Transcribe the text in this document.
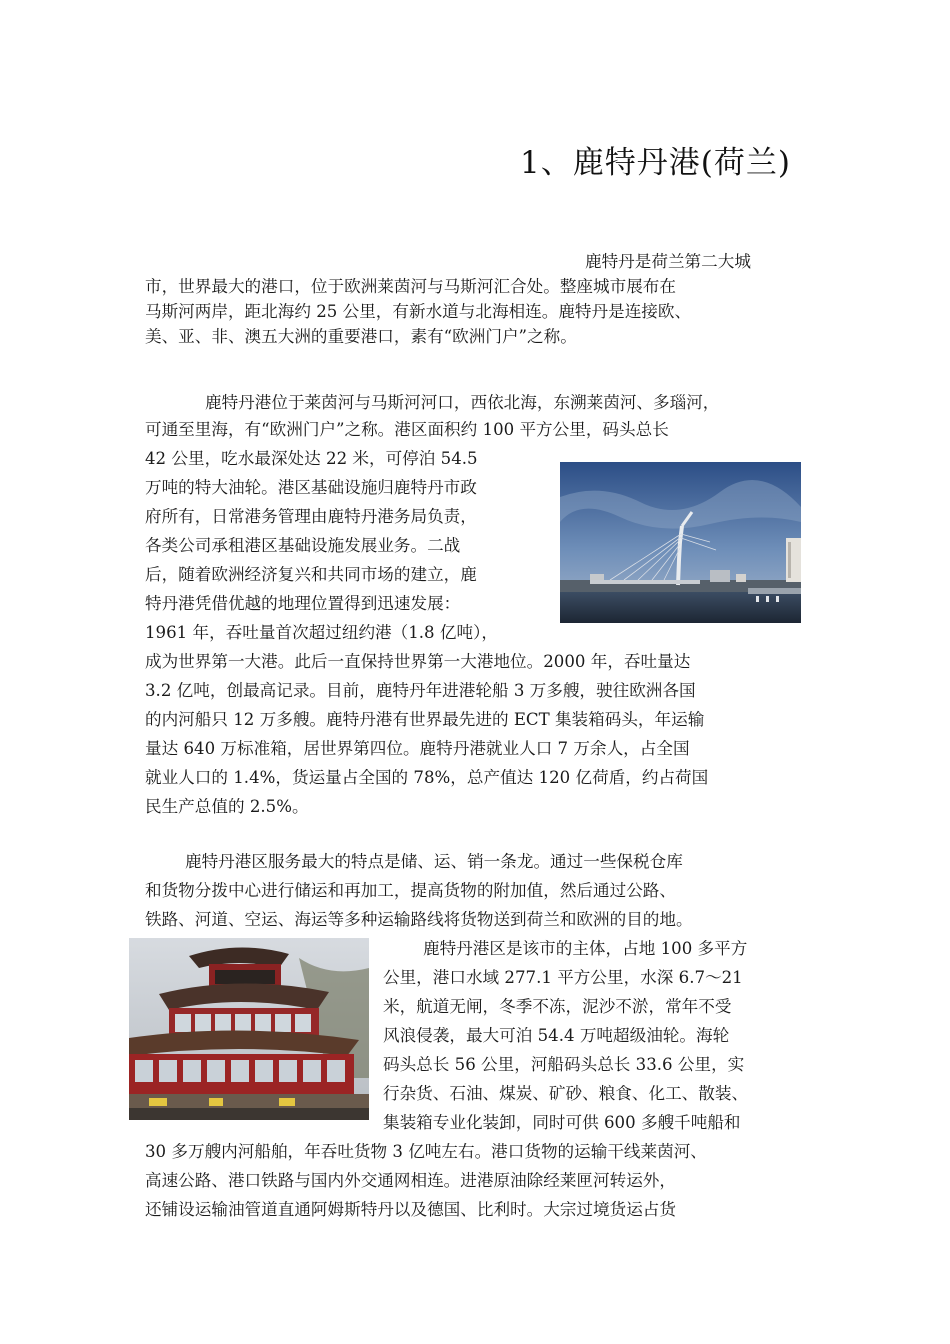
1、鹿特丹港(荷兰)
鹿特丹是荷兰第二大城
市，世界最大的港口，位于欧洲莱茵河与马斯河汇合处。整座城市展布在
马斯河两岸，距北海约 25 公里，有新水道与北海相连。鹿特丹是连接欧、
美、亚、非、澳五大洲的重要港口，素有“欧洲门户”之称。
鹿特丹港位于莱茵河与马斯河河口，西依北海，东溯莱茵河、多瑙河，
可通至里海，有“欧洲门户”之称。港区面积约 100 平方公里，码头总长
42 公里，吃水最深处达 22 米，可停泊 54.5
万吨的特大油轮。港区基础设施归鹿特丹市政
府所有，日常港务管理由鹿特丹港务局负责，
各类公司承租港区基础设施发展业务。二战
后，随着欧洲经济复兴和共同市场的建立，鹿
特丹港凭借优越的地理位置得到迅速发展：
1961 年，吞吐量首次超过纽约港（1.8 亿吨），
成为世界第一大港。此后一直保持世界第一大港地位。2000 年，吞吐量达
3.2 亿吨，创最高记录。目前，鹿特丹年进港轮船 3 万多艘，驶往欧洲各国
的内河船只 12 万多艘。鹿特丹港有世界最先进的 ECT 集装箱码头，年运输
量达 640 万标准箱，居世界第四位。鹿特丹港就业人口 7 万余人，占全国
就业人口的 1.4%，货运量占全国的 78%，总产值达 120 亿荷盾，约占荷国
民生产总值的 2.5%。
鹿特丹港区服务最大的特点是储、运、销一条龙。通过一些保税仓库
和货物分拨中心进行储运和再加工，提高货物的附加值，然后通过公路、
铁路、河道、空运、海运等多种运输路线将货物送到荷兰和欧洲的目的地。
鹿特丹港区是该市的主体，占地 100 多平方
公里，港口水域 277.1 平方公里，水深 6.7～21
米，航道无闸，冬季不冻，泥沙不淤，常年不受
风浪侵袭，最大可泊 54.4 万吨超级油轮。海轮
码头总长 56 公里，河船码头总长 33.6 公里，实
行杂货、石油、煤炭、矿砂、粮食、化工、散装、
集装箱专业化装卸，同时可供 600 多艘千吨船和
30 多万艘内河船舶，年吞吐货物 3 亿吨左右。港口货物的运输干线莱茵河、
高速公路、港口铁路与国内外交通网相连。进港原油除经莱匣河转运外，
还铺设运输油管道直通阿姆斯特丹以及德国、比利时。大宗过境货运占货
